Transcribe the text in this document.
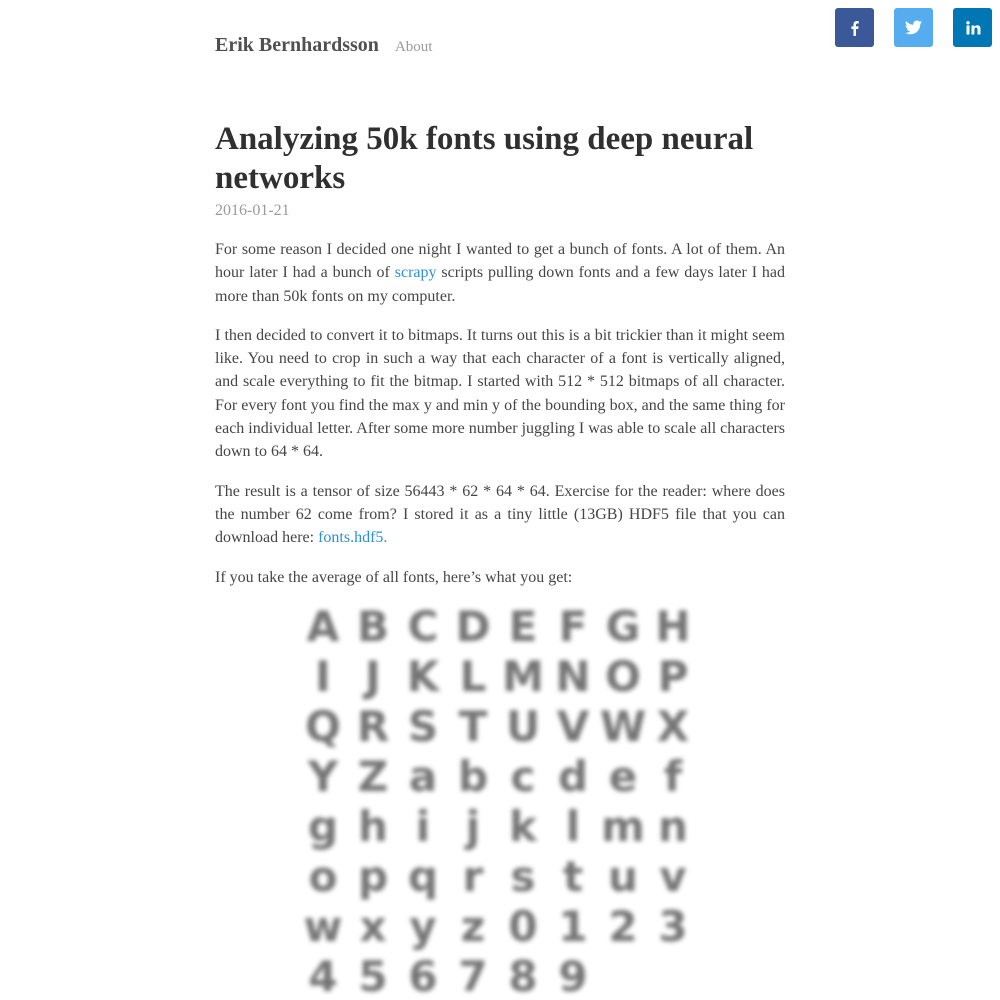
Erik Bernhardsson About
Analyzing 50k fonts using deep neural networks
2016-01-21

For some reason I decided one night I wanted to get a bunch of fonts. A lot of them. An hour later I had a bunch of scrapy scripts pulling down fonts and a few days later I had more than 50k fonts on my computer.

I then decided to convert it to bitmaps. It turns out this is a bit trickier than it might seem like. You need to crop in such a way that each character of a font is vertically aligned, and scale everything to fit the bitmap. I started with 512 * 512 bitmaps of all character. For every font you find the max y and min y of the bounding box, and the same thing for each individual letter. After some more number juggling I was able to scale all characters down to 64 * 64.

The result is a tensor of size 56443 * 62 * 64 * 64. Exercise for the reader: where does the number 62 come from? I stored it as a tiny little (13GB) HDF5 file that you can download here: fonts.hdf5.

If you take the average of all fonts, here’s what you get:

A B C D E F G H
I J K L M N O P
Q R S T U V W X
Y Z a b c d e f
g h i j k l m n
o p q r s t u v
w x y z 0 1 2 3
4 5 6 7 8 9
